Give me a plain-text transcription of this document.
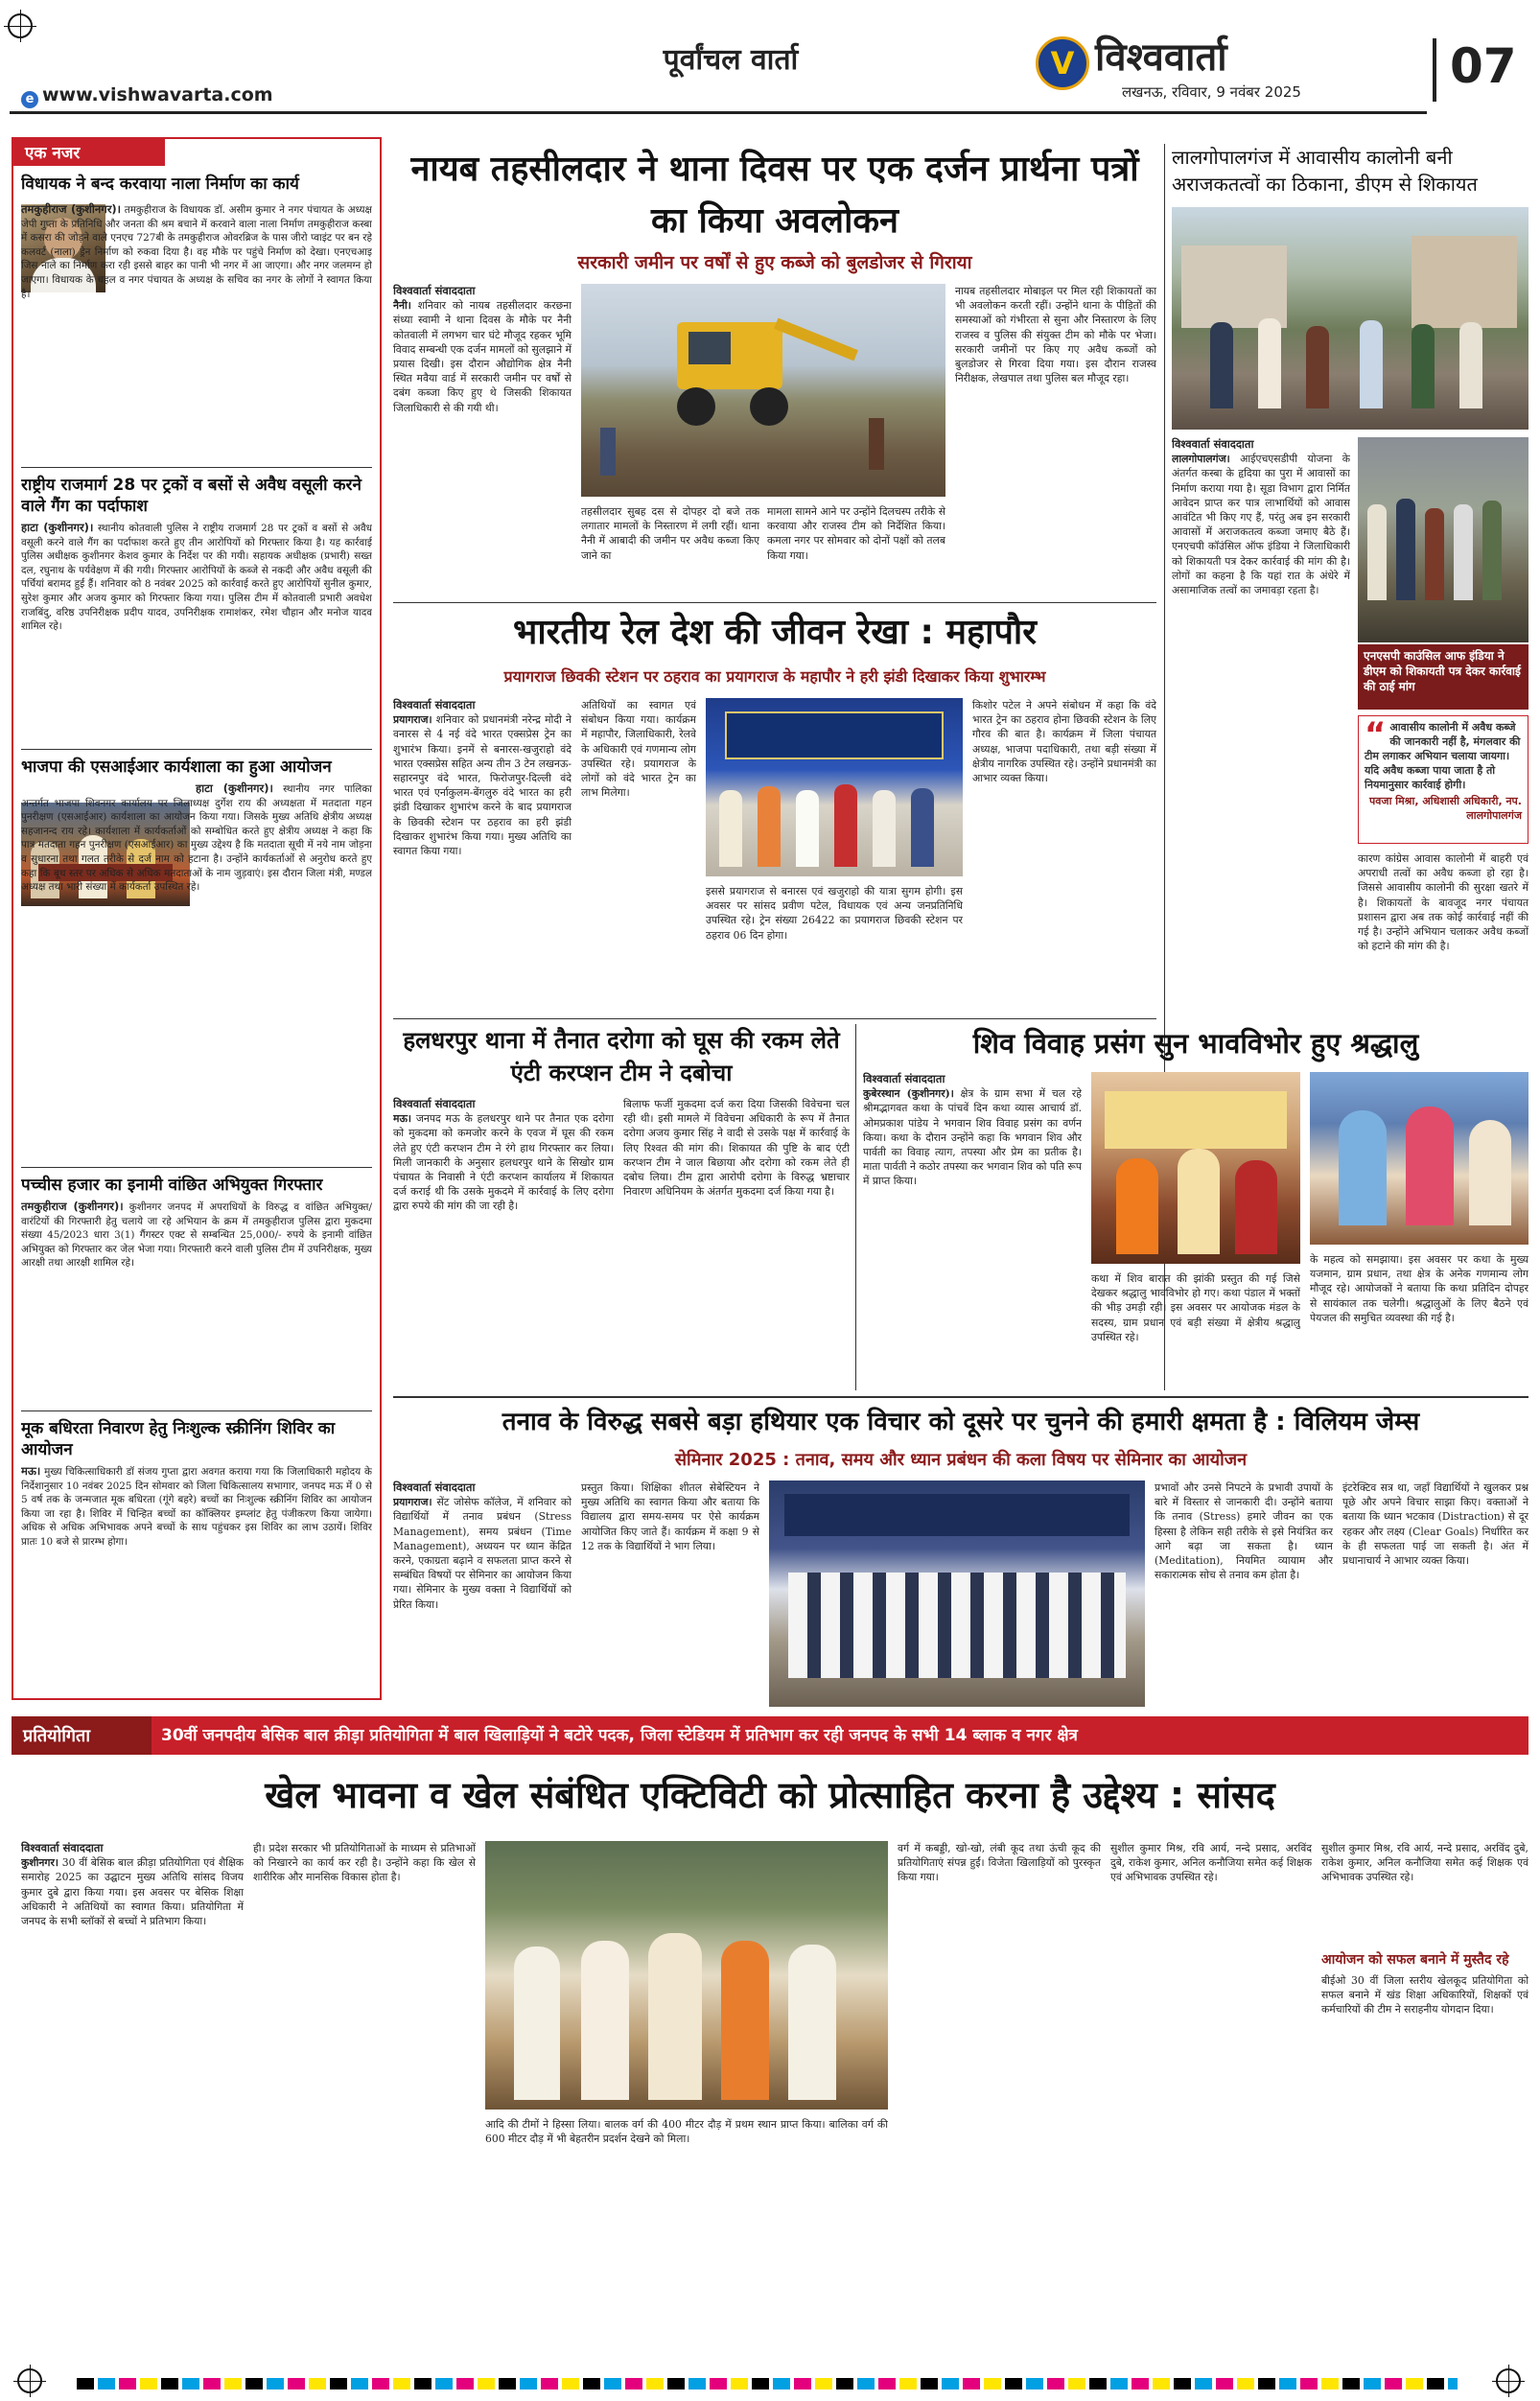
पूर्वांचल वार्ता
e www.vishwavarta.com
V विश्ववार्ता
लखनऊ, रविवार, 9 नवंबर 2025	07
एक नजर
विधायक ने बन्द करवाया नाला निर्माण का कार्य
तमकुहीराज (कुशीनगर)। तमकुहीराज के विधायक डॉ. असीम कुमार ने नगर पंचायत के अध्यक्ष जेपी गुप्ता के प्रतिनिधि और जनता की श्रम बचाने में करवाने वाला नाला निर्माण तमकुहीराज कस्बा में कसरा की जोड़ने वाले एनएच 727बी के तमकुहीराज ओवरब्रिज के पास जीरो प्वाइंट पर बन रहे कलवर्ट (नाला) ड्रेन निर्माण को रुकवा दिया है। वह मौके पर पहुंचे निर्माण को देखा। एनएचआइ जिस नाले का निर्माण करा रही इससे बाहर का पानी भी नगर में आ जाएगा। और नगर जलमग्न हो जाएगा। विधायक के चहल व नगर पंचायत के अध्यक्ष के सचिव का नगर के लोगों ने स्वागत किया है।
राष्ट्रीय राजमार्ग 28 पर ट्रकों व बसों से अवैध वसूली करने वाले गैंग का पर्दाफाश
हाटा (कुशीनगर)। स्थानीय कोतवाली पुलिस ने राष्ट्रीय राजमार्ग 28 पर ट्रकों व बसों से अवैध वसूली करने वाले गैंग का पर्दाफाश करते हुए तीन आरोपियों को गिरफ्तार किया है। यह कार्रवाई पुलिस अधीक्षक कुशीनगर केशव कुमार के निर्देश पर की गयी। सहायक अधीक्षक (प्रभारी) सख्त दल, रघुनाथ के पर्यवेक्षण में की गयी। गिरफ्तार आरोपियों के कब्जे से नकदी और अवैध वसूली की पर्चियां बरामद हुई हैं। शनिवार को 8 नवंबर 2025 को कार्रवाई करते हुए आरोपियों सुनील कुमार, सुरेश कुमार और अजय कुमार को गिरफ्तार किया गया। पुलिस टीम में कोतवाली प्रभारी अवधेश राजबिंदु, वरिष्ठ उपनिरीक्षक प्रदीप यादव, उपनिरीक्षक रामाशंकर, रमेश चौहान और मनोज यादव शामिल रहे।
भाजपा की एसआईआर कार्यशाला का हुआ आयोजन
हाटा (कुशीनगर)। स्थानीय नगर पालिका अन्तर्गत भाजपा शिवनगर कार्यालय पर जिलाध्यक्ष दुर्गेश राय की अध्यक्षता में मतदाता गहन पुनरीक्षण (एसआईआर) कार्यशाला का आयोजन किया गया। जिसके मुख्य अतिथि क्षेत्रीय अध्यक्ष सहजानन्द राय रहे। कार्यशाला में कार्यकर्ताओं को सम्बोधित करते हुए क्षेत्रीय अध्यक्ष ने कहा कि पात्र मतदाता गहन पुनरीक्षण (एसआईआर) का मुख्य उद्देश्य है कि मतदाता सूची में नये नाम जोड़ना व सुधारना तथा गलत तरीके से दर्ज नाम को हटाना है। उन्होंने कार्यकर्ताओं से अनुरोध करते हुए कहा कि बूथ स्तर पर अधिक से अधिक मतदाताओं के नाम जुड़वाएं। इस दौरान जिला मंत्री, मण्डल अध्यक्ष तथा भारी संख्या में कार्यकर्ता उपस्थित रहे।
पच्चीस हजार का इनामी वांछित अभियुक्त गिरफ्तार
तमकुहीराज (कुशीनगर)। कुशीनगर जनपद में अपराधियों के विरुद्ध व वांछित अभियुक्त/वारंटियों की गिरफ्तारी हेतु चलाये जा रहे अभियान के क्रम में तमकुहीराज पुलिस द्वारा मुकदमा संख्या 45/2023 धारा 3(1) गैंगस्टर एक्ट से सम्बन्धित 25,000/- रुपये के इनामी वांछित अभियुक्त को गिरफ्तार कर जेल भेजा गया। गिरफ्तारी करने वाली पुलिस टीम में उपनिरीक्षक, मुख्य आरक्षी तथा आरक्षी शामिल रहे।
मूक बधिरता निवारण हेतु निःशुल्क स्क्रीनिंग शिविर का आयोजन
मऊ। मुख्य चिकित्साधिकारी डॉ संजय गुप्ता द्वारा अवगत कराया गया कि जिलाधिकारी महोदय के निर्देशानुसार 10 नवंबर 2025 दिन सोमवार को जिला चिकित्सालय सभागार, जनपद मऊ में 0 से 5 वर्ष तक के जन्मजात मूक बधिरता (गूंगे बहरे) बच्चों का निःशुल्क स्क्रीनिंग शिविर का आयोजन किया जा रहा है। शिविर में चिन्हित बच्चों का कॉक्लियर इम्प्लांट हेतु पंजीकरण किया जायेगा। अधिक से अधिक अभिभावक अपने बच्चों के साथ पहुंचकर इस शिविर का लाभ उठायें। शिविर प्रातः 10 बजे से प्रारम्भ होगा।
नायब तहसीलदार ने थाना दिवस पर एक दर्जन प्रार्थना पत्रों का किया अवलोकन
सरकारी जमीन पर वर्षों से हुए कब्जे को बुलडोजर से गिराया
विश्ववार्ता संवाददाता
नैनी। शनिवार को नायब तहसीलदार करछना संध्या स्वामी ने थाना दिवस के मौके पर नैनी कोतवाली में लगभग चार घंटे मौजूद रहकर भूमि विवाद सम्बन्धी एक दर्जन मामलों को सुलझाने में प्रयास दिखी। इस दौरान औद्योगिक क्षेत्र नैनी स्थित मवैया वार्ड में सरकारी जमीन पर वर्षों से दबंग कब्जा किए हुए थे जिसकी शिकायत जिलाधिकारी से की गयी थी।
तहसीलदार सुबह दस से दोपहर दो बजे तक लगातार मामलों के निस्तारण में लगी रहीं। थाना नैनी में आबादी की जमीन पर अवैध कब्जा किए जाने का
मामला सामने आने पर उन्होंने दिलचस्प तरीके से करवाया और राजस्व टीम को निर्देशित किया। कमला नगर पर सोमवार को दोनों पक्षों को तलब किया गया।
नायब तहसीलदार मोबाइल पर मिल रही शिकायतों का भी अवलोकन करती रहीं। उन्होंने थाना के पीड़ितों की समस्याओं को गंभीरता से सुना और निस्तारण के लिए राजस्व व पुलिस की संयुक्त टीम को मौके पर भेजा। सरकारी जमीनों पर किए गए अवैध कब्जों को बुलडोजर से गिरवा दिया गया। इस दौरान राजस्व निरीक्षक, लेखपाल तथा पुलिस बल मौजूद रहा।
लालगोपालगंज में आवासीय कालोनी बनी अराजकतत्वों का ठिकाना, डीएम से शिकायत
विश्ववार्ता संवाददाता
लालगोपालगंज। आईएचएसडीपी योजना के अंतर्गत कस्बा के हृदिया का पुरा में आवासों का निर्माण कराया गया है। सूडा विभाग द्वारा निर्मित आवेदन प्राप्त कर पात्र लाभार्थियों को आवास आवंटित भी किए गए हैं, परंतु अब इन सरकारी आवासों में अराजकतत्व कब्जा जमाए बैठे हैं। एनएचपी कॉउंसिल ऑफ इंडिया ने जिलाधिकारी को शिकायती पत्र देकर कार्रवाई की मांग की है। लोगों का कहना है कि यहां रात के अंधेरे में असामाजिक तत्वों का जमावड़ा रहता है।
एनएसपी काउंसिल आफ इंडिया ने डीएम को शिकायती पत्र देकर कार्रवाई की ठाई मांग
“ आवासीय कालोनी में अवैध कब्जे की जानकारी नहीं है, मंगलवार की टीम लगाकर अभियान चलाया जायगा। यदि अवैध कब्जा पाया जाता है तो नियमानुसार कार्रवाई होगी।
पवजा मिश्रा, अधिशासी अधिकारी, नप. लालगोपालगंज
कारण कांग्रेस आवास कालोनी में बाहरी एवं अपराधी तत्वों का अवैध कब्जा हो रहा है। जिससे आवासीय कालोनी की सुरक्षा खतरे में है। शिकायतों के बावजूद नगर पंचायत प्रशासन द्वारा अब तक कोई कार्रवाई नहीं की गई है। उन्होंने अभियान चलाकर अवैध कब्जों को हटाने की मांग की है।
भारतीय रेल देश की जीवन रेखा : महापौर
प्रयागराज छिवकी स्टेशन पर ठहराव का प्रयागराज के महापौर ने हरी झंडी दिखाकर किया शुभारम्भ
विश्ववार्ता संवाददाता
प्रयागराज। शनिवार को प्रधानमंत्री नरेन्द्र मोदी ने वनारस से 4 नई वंदे भारत एक्सप्रेस ट्रेन का शुभारंभ किया। इनमें से बनारस-खजुराहो वंदे भारत एक्सप्रेस सहित अन्य तीन 3 टेन लखनऊ-सहारनपुर वंदे भारत, फिरोजपुर-दिल्ली वंदे भारत एवं एर्नाकुलम-बेंगलुरु वंदे भारत का हरी झंडी दिखाकर शुभारंभ करने के बाद प्रयागराज के छिवकी स्टेशन पर ठहराव का हरी झंडी दिखाकर शुभारंभ किया गया। मुख्य अतिथि का स्वागत किया गया।
अतिथियों का स्वागत एवं संबोधन किया गया। कार्यक्रम में महापौर, जिलाधिकारी, रेलवे के अधिकारी एवं गणमान्य लोग उपस्थित रहे। प्रयागराज के लोगों को वंदे भारत ट्रेन का लाभ मिलेगा।
इससे प्रयागराज से बनारस एवं खजुराहो की यात्रा सुगम होगी। इस अवसर पर सांसद प्रवीण पटेल, विधायक एवं अन्य जनप्रतिनिधि उपस्थित रहे। ट्रेन संख्या 26422 का प्रयागराज छिवकी स्टेशन पर ठहराव 06 दिन होगा।
किशोर पटेल ने अपने संबोधन में कहा कि वंदे भारत ट्रेन का ठहराव होना छिवकी स्टेशन के लिए गौरव की बात है। कार्यक्रम में जिला पंचायत अध्यक्ष, भाजपा पदाधिकारी, तथा बड़ी संख्या में क्षेत्रीय नागरिक उपस्थित रहे। उन्होंने प्रधानमंत्री का आभार व्यक्त किया।
हलधरपुर थाना में तैनात दरोगा को घूस की रकम लेते एंटी करप्शन टीम ने दबोचा
विश्ववार्ता संवाददाता
मऊ। जनपद मऊ के हलधरपुर थाने पर तैनात एक दरोगा को मुकदमा को कमजोर करने के एवज में घूस की रकम लेते हुए एंटी करप्शन टीम ने रंगे हाथ गिरफ्तार कर लिया। मिली जानकारी के अनुसार हलधरपुर थाने के सिखोर ग्राम पंचायत के निवासी ने एंटी करप्शन कार्यालय में शिकायत दर्ज कराई थी कि उसके मुकदमे में कार्रवाई के लिए दरोगा द्वारा रुपये की मांग की जा रही है।
बिलाफ फर्जी मुकदमा दर्ज करा दिया जिसकी विवेचना चल रही थी। इसी मामले में विवेचना अधिकारी के रूप में तैनात दरोगा अजय कुमार सिंह ने वादी से उसके पक्ष में कार्रवाई के लिए रिश्वत की मांग की। शिकायत की पुष्टि के बाद एंटी करप्शन टीम ने जाल बिछाया और दरोगा को रकम लेते ही दबोच लिया। टीम द्वारा आरोपी दरोगा के विरुद्ध भ्रष्टाचार निवारण अधिनियम के अंतर्गत मुकदमा दर्ज किया गया है।
शिव विवाह प्रसंग सुन भावविभोर हुए श्रद्धालु
विश्ववार्ता संवाददाता
कुबेरस्थान (कुशीनगर)। क्षेत्र के ग्राम सभा में चल रहे श्रीमद्भागवत कथा के पांचवें दिन कथा व्यास आचार्य डॉ. ओमप्रकाश पांडेय ने भगवान शिव विवाह प्रसंग का वर्णन किया। कथा के दौरान उन्होंने कहा कि भगवान शिव और पार्वती का विवाह त्याग, तपस्या और प्रेम का प्रतीक है। माता पार्वती ने कठोर तपस्या कर भगवान शिव को पति रूप में प्राप्त किया।
कथा में शिव बारात की झांकी प्रस्तुत की गई जिसे देखकर श्रद्धालु भावविभोर हो गए। कथा पंडाल में भक्तों की भीड़ उमड़ी रही। इस अवसर पर आयोजक मंडल के सदस्य, ग्राम प्रधान एवं बड़ी संख्या में क्षेत्रीय श्रद्धालु उपस्थित रहे।
के महत्व को समझाया। इस अवसर पर कथा के मुख्य यजमान, ग्राम प्रधान, तथा क्षेत्र के अनेक गणमान्य लोग मौजूद रहे। आयोजकों ने बताया कि कथा प्रतिदिन दोपहर से सायंकाल तक चलेगी। श्रद्धालुओं के लिए बैठने एवं पेयजल की समुचित व्यवस्था की गई है।
तनाव के विरुद्ध सबसे बड़ा हथियार एक विचार को दूसरे पर चुनने की हमारी क्षमता है : विलियम जेम्स
सेमिनार 2025 : तनाव, समय और ध्यान प्रबंधन की कला विषय पर सेमिनार का आयोजन
विश्ववार्ता संवाददाता
प्रयागराज। सेंट जोसेफ कॉलेज, में शनिवार को विद्यार्थियों में तनाव प्रबंधन (Stress Management), समय प्रबंधन (Time Management), अध्ययन पर ध्यान केंद्रित करने, एकाग्रता बढ़ाने व सफलता प्राप्त करने से सम्बंधित विषयों पर सेमिनार का आयोजन किया गया। सेमिनार के मुख्य वक्ता ने विद्यार्थियों को प्रेरित किया।
प्रस्तुत किया। शिक्षिका शीतल सेबेस्टियन ने मुख्य अतिथि का स्वागत किया और बताया कि विद्यालय द्वारा समय-समय पर ऐसे कार्यक्रम आयोजित किए जाते हैं। कार्यक्रम में कक्षा 9 से 12 तक के विद्यार्थियों ने भाग लिया।
प्रभावों और उनसे निपटने के प्रभावी उपायों के बारे में विस्तार से जानकारी दी। उन्होंने बताया कि तनाव (Stress) हमारे जीवन का एक हिस्सा है लेकिन सही तरीके से इसे नियंत्रित कर आगे बढ़ा जा सकता है। ध्यान (Meditation), नियमित व्यायाम और सकारात्मक सोच से तनाव कम होता है।
इंटरेक्टिव सत्र था, जहाँ विद्यार्थियों ने खुलकर प्रश्न पूछे और अपने विचार साझा किए। वक्ताओं ने बताया कि ध्यान भटकाव (Distraction) से दूर रहकर और लक्ष्य (Clear Goals) निर्धारित कर के ही सफलता पाई जा सकती है। अंत में प्रधानाचार्य ने आभार व्यक्त किया।
प्रतियोगिता	30वीं जनपदीय बेसिक बाल क्रीड़ा प्रतियोगिता में बाल खिलाड़ियों ने बटोरे पदक, जिला स्टेडियम में प्रतिभाग कर रही जनपद के सभी 14 ब्लाक व नगर क्षेत्र
खेल भावना व खेल संबंधित एक्टिविटी को प्रोत्साहित करना है उद्देश्य : सांसद
विश्ववार्ता संवाददाता
कुशीनगर। 30 वीं बेसिक बाल क्रीड़ा प्रतियोगिता एवं शैक्षिक समारोह 2025 का उद्घाटन मुख्य अतिथि सांसद विजय कुमार दुबे द्वारा किया गया। इस अवसर पर बेसिक शिक्षा अधिकारी ने अतिथियों का स्वागत किया। प्रतियोगिता में जनपद के सभी ब्लॉकों से बच्चों ने प्रतिभाग किया।
ही। प्रदेश सरकार भी प्रतियोगिताओं के माध्यम से प्रतिभाओं को निखारने का कार्य कर रही है। उन्होंने कहा कि खेल से शारीरिक और मानसिक विकास होता है।
आदि की टीमों ने हिस्सा लिया। बालक वर्ग की 400 मीटर दौड़ में प्रथम स्थान प्राप्त किया। बालिका वर्ग की 600 मीटर दौड़ में भी बेहतरीन प्रदर्शन देखने को मिला।
वर्ग में कबड्डी, खो-खो, लंबी कूद तथा ऊंची कूद की प्रतियोगिताएं संपन्न हुईं। विजेता खिलाड़ियों को पुरस्कृत किया गया।
सुशील कुमार मिश्र, रवि आर्य, नन्दे प्रसाद, अरविंद दुबे, राकेश कुमार, अनिल कनौजिया समेत कई शिक्षक एवं अभिभावक उपस्थित रहे।
सुशील कुमार मिश्र, रवि आर्य, नन्दे प्रसाद, अरविंद दुबे, राकेश कुमार, अनिल कनौजिया समेत कई शिक्षक एवं अभिभावक उपस्थित रहे।
आयोजन को सफल बनाने में मुस्तैद रहे
बीईओ 30 वीं जिला स्तरीय खेलकूद प्रतियोगिता को सफल बनाने में खंड शिक्षा अधिकारियों, शिक्षकों एवं कर्मचारियों की टीम ने सराहनीय योगदान दिया।
